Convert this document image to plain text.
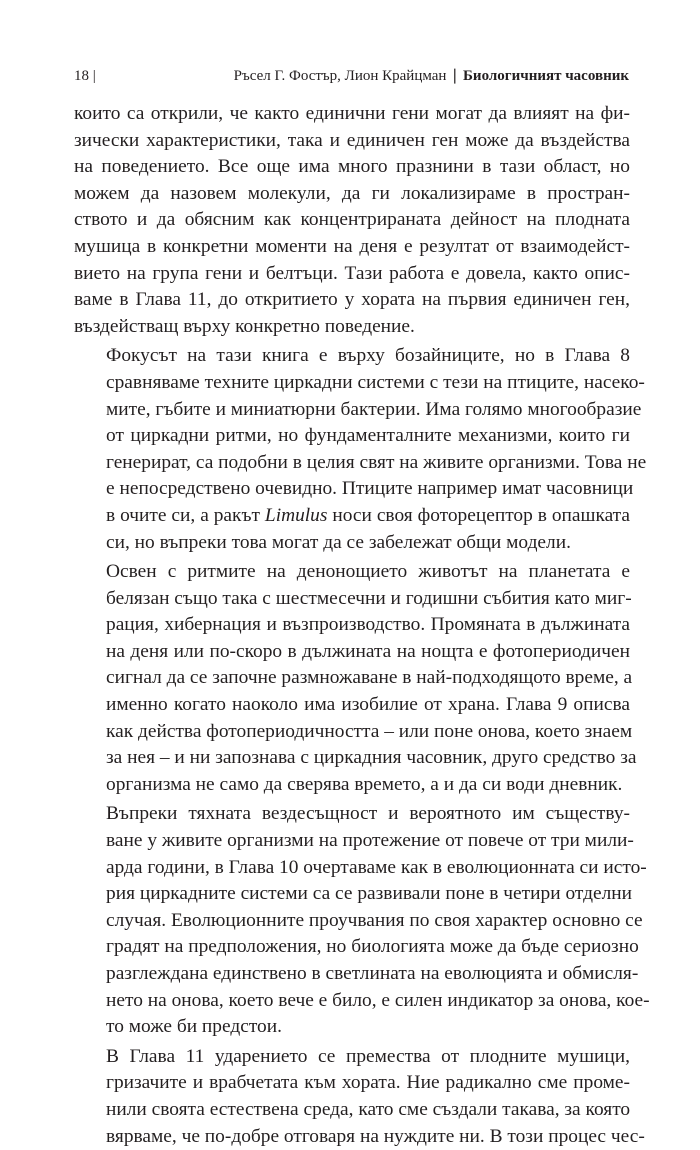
18 |	Ръсел Г. Фостър, Лион Крайцман ❘ Биологичният часовник

които са открили, че както единични гени могат да влияят на фи-
зически характеристики, така и единичен ген може да въздейства
на поведението. Все още има много празнини в тази област, но
можем да назовем молекули, да ги локализираме в простран-
ството и да обясним как концентрираната дейност на плодната
мушица в конкретни моменти на деня е резултат от взаимодейст-
вието на група гени и белтъци. Тази работа е довела, както опис-
ваме в Глава 11, до откритието у хората на първия единичен ген,
въздействащ върху конкретно поведение.

Фокусът на тази книга е върху бозайниците, но в Глава 8
сравняваме техните циркадни системи с тези на птиците, насеко-
мите, гъбите и миниатюрни бактерии. Има голямо многообразие
от циркадни ритми, но фундаменталните механизми, които ги
генерират, са подобни в целия свят на живите организми. Това не
е непосредствено очевидно. Птиците например имат часовници
в очите си, а ракът Limulus носи своя фоторецептор в опашката
си, но въпреки това могат да се забележат общи модели.

Освен с ритмите на денонощието животът на планетата е
белязан също така с шестмесечни и годишни събития като миг-
рация, хибернация и възпроизводство. Промяната в дължината
на деня или по-скоро в дължината на нощта е фотопериодичен
сигнал да се започне размножаване в най-подходящото време, а
именно когато наоколо има изобилие от храна. Глава 9 описва
как действа фотопериодичността – или поне онова, което знаем
за нея – и ни запознава с циркадния часовник, друго средство за
организма не само да сверява времето, а и да си води дневник.

Въпреки тяхната вездесъщност и вероятното им съществу-
ване у живите организми на протежение от повече от три мили-
арда години, в Глава 10 очертаваме как в еволюционната си исто-
рия циркадните системи са се развивали поне в четири отделни
случая. Еволюционните проучвания по своя характер основно се
градят на предположения, но биологията може да бъде сериозно
разглеждана единствено в светлината на еволюцията и обмисля-
нето на онова, което вече е било, е силен индикатор за онова, кое-
то може би предстои.

В Глава 11 ударението се премества от плодните мушици,
гризачите и врабчетата към хората. Ние радикално сме проме-
нили своята естествена среда, като сме създали такава, за която
вярваме, че по-добре отговаря на нуждите ни. В този процес чес-
